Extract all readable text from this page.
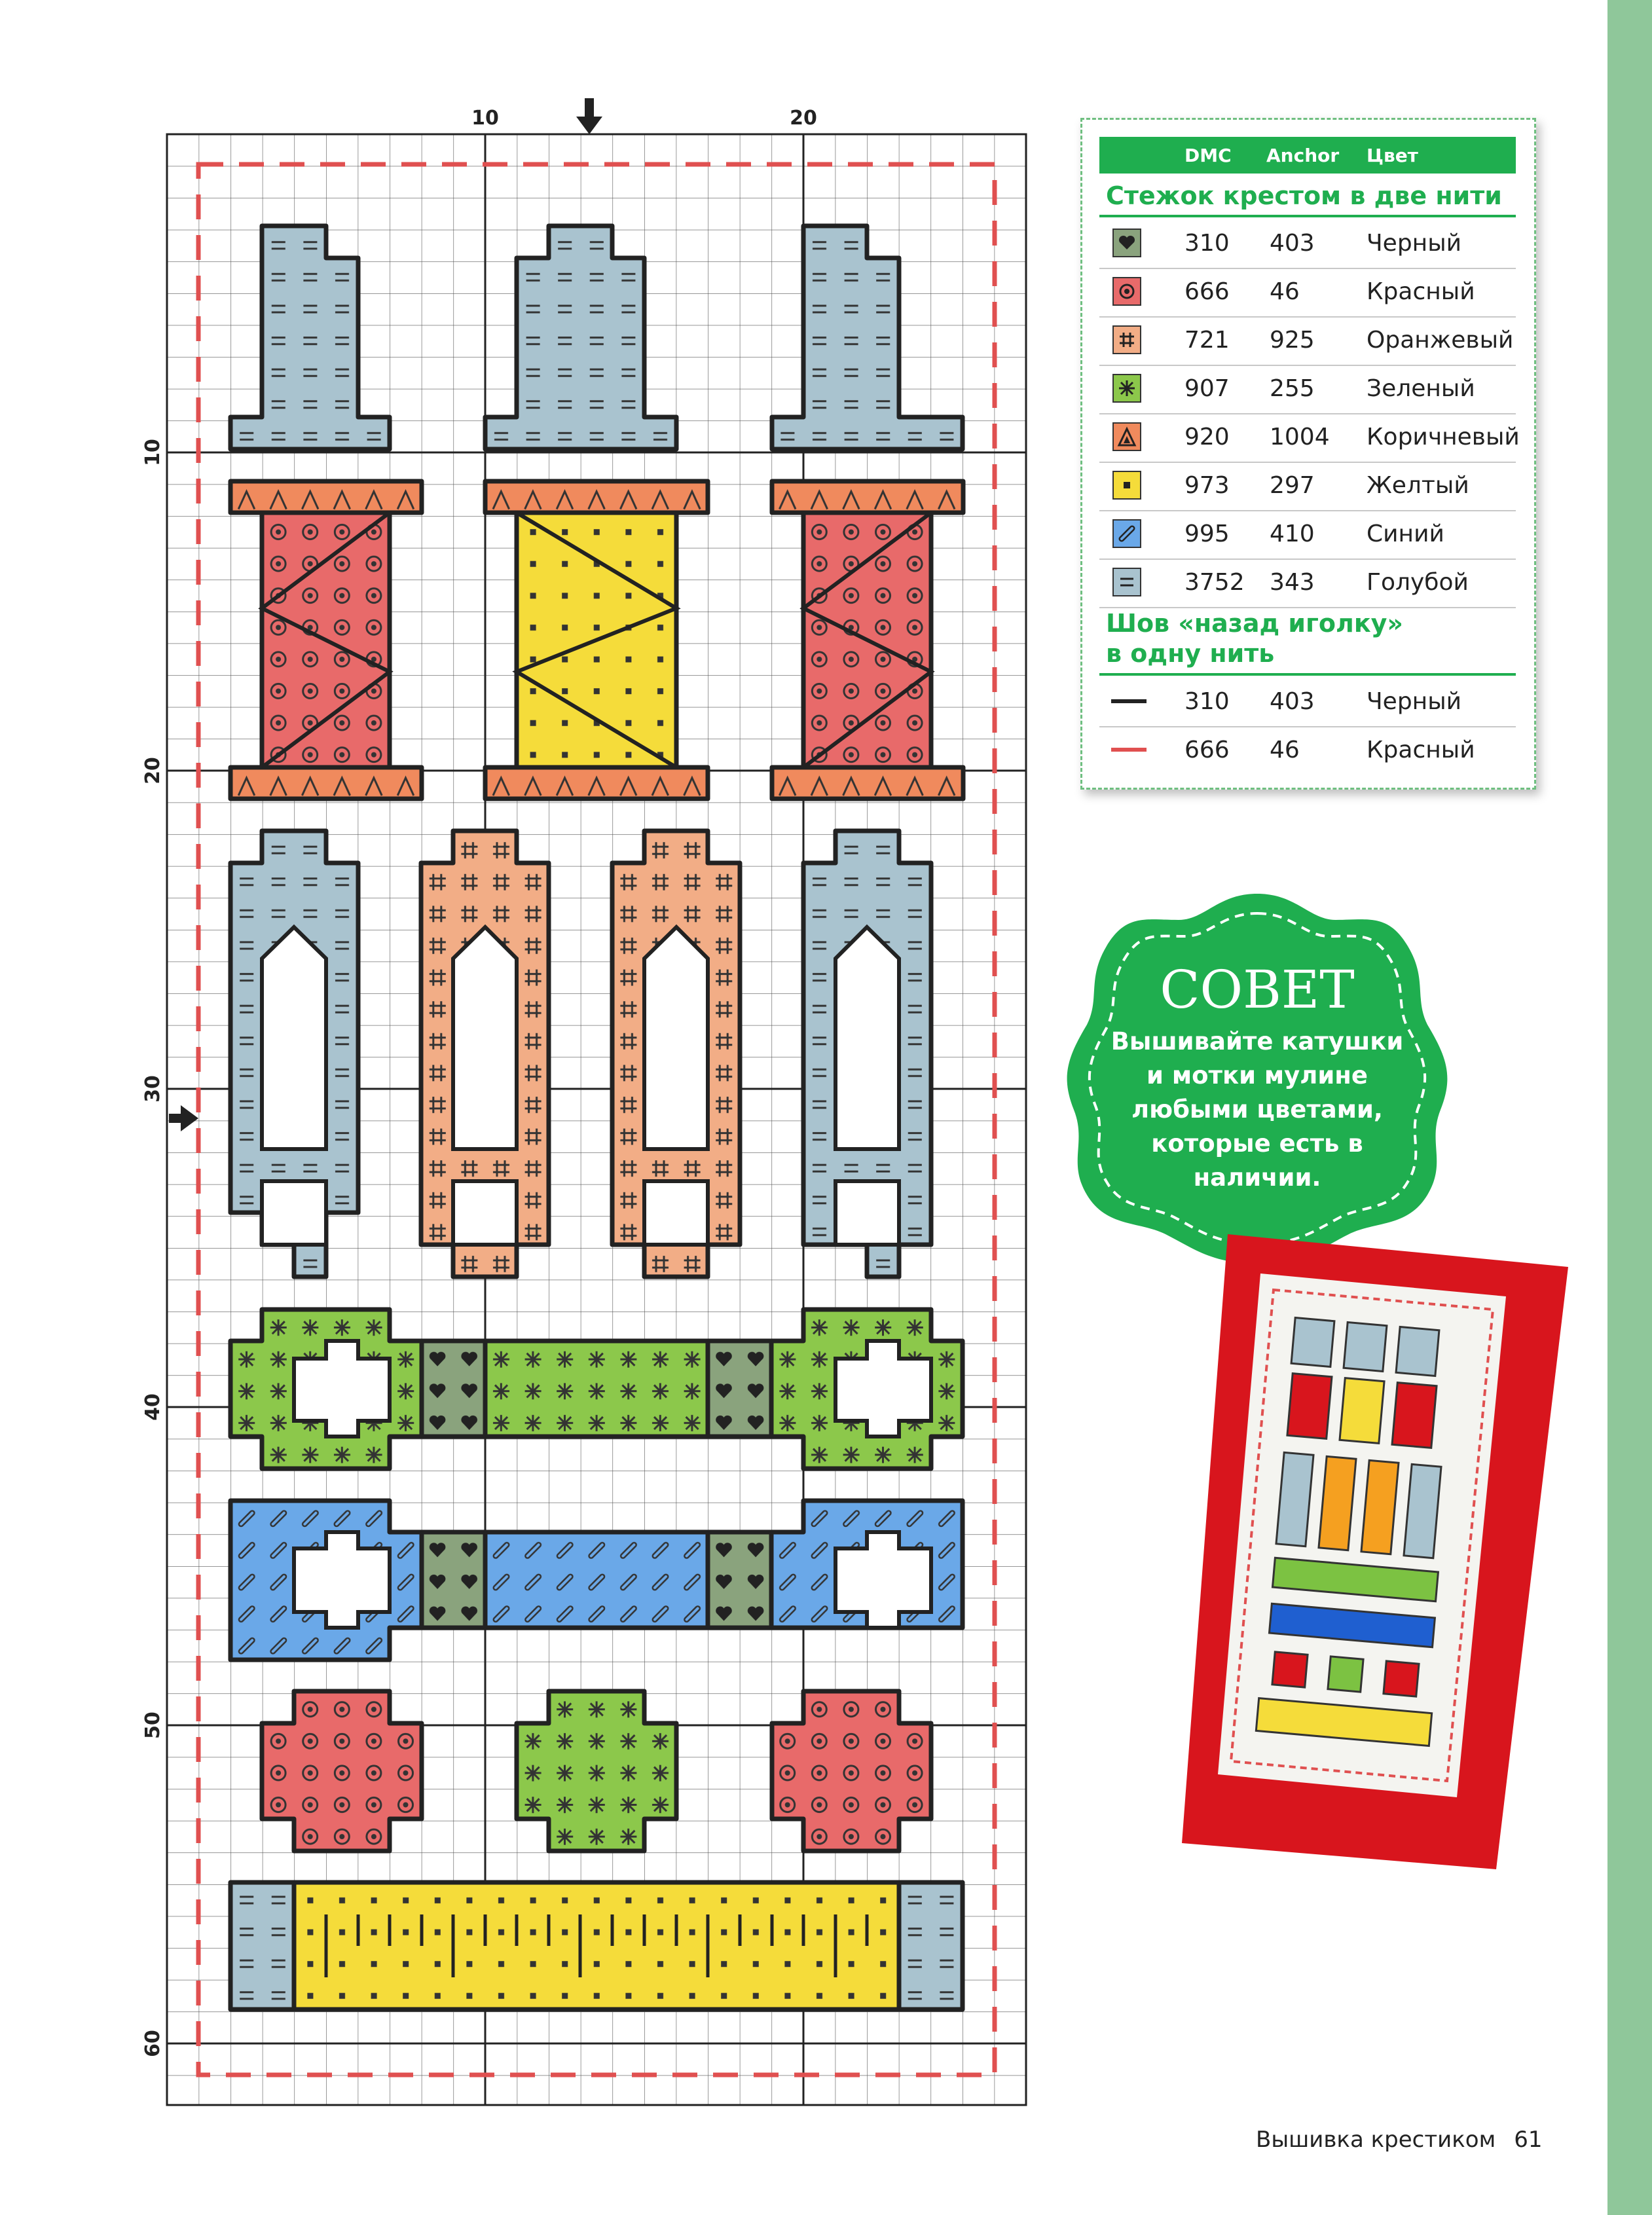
10	20
10
20
30
40
50
60
DMC Anchor Цвет
Стежок крестом в две нити
310 403 Черный
666 46	Красный
721 925 Оранжевый
907 255 Зеленый
920 1004 Коричневый
973 297 Желтый
995 410 Синий
3752 343 Голубой
Шов «назад иголку»
в одну нить
310 403 Черный
666 46	Красный
СОВЕТ
Вышивайте катушки
и мотки мулине
любыми цветами,
которые есть в
наличии.
Вышивка крестиком 61
